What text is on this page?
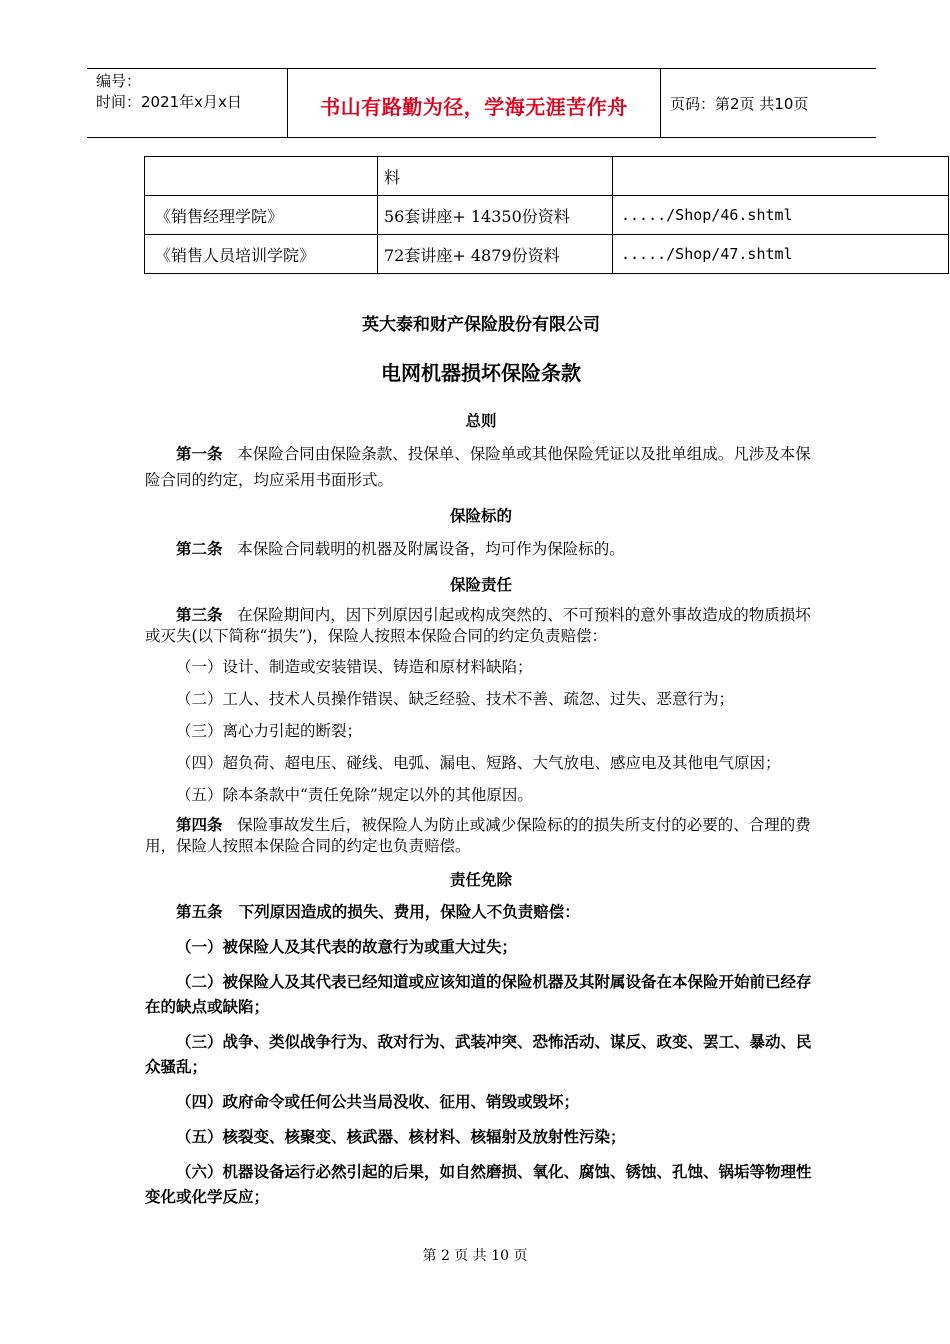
编号：
时间：2021年x月x日	书山有路勤为径，学海无涯苦作舟	页码：第2页 共10页
	料	
《销售经理学院》	56套讲座+ 14350份资料	...../Shop/46.shtml
《销售人员培训学院》	72套讲座+ 4879份资料	...../Shop/47.shtml
英大泰和财产保险股份有限公司
电网机器损坏保险条款
总则

第一条 本保险合同由保险条款、投保单、保险单或其他保险凭证以及批单组成。凡涉及本保险合同的约定，均应采用书面形式。

保险标的

第二条 本保险合同载明的机器及附属设备，均可作为保险标的。

保险责任

第三条 在保险期间内，因下列原因引起或构成突然的、不可预料的意外事故造成的物质损坏或灭失(以下简称“损失”)，保险人按照本保险合同的约定负责赔偿：

（一）设计、制造或安装错误、铸造和原材料缺陷；

（二）工人、技术人员操作错误、缺乏经验、技术不善、疏忽、过失、恶意行为；

（三）离心力引起的断裂；

（四）超负荷、超电压、碰线、电弧、漏电、短路、大气放电、感应电及其他电气原因；

（五）除本条款中“责任免除”规定以外的其他原因。

第四条 保险事故发生后，被保险人为防止或减少保险标的的损失所支付的必要的、合理的费用，保险人按照本保险合同的约定也负责赔偿。

责任免除

第五条 下列原因造成的损失、费用，保险人不负责赔偿：

（一）被保险人及其代表的故意行为或重大过失；

（二）被保险人及其代表已经知道或应该知道的保险机器及其附属设备在本保险开始前已经存在的缺点或缺陷；

（三）战争、类似战争行为、敌对行为、武装冲突、恐怖活动、谋反、政变、罢工、暴动、民众骚乱；

（四）政府命令或任何公共当局没收、征用、销毁或毁坏；

（五）核裂变、核聚变、核武器、核材料、核辐射及放射性污染；

（六）机器设备运行必然引起的后果，如自然磨损、氧化、腐蚀、锈蚀、孔蚀、锅垢等物理性变化或化学反应；

第 2 页 共 10 页
